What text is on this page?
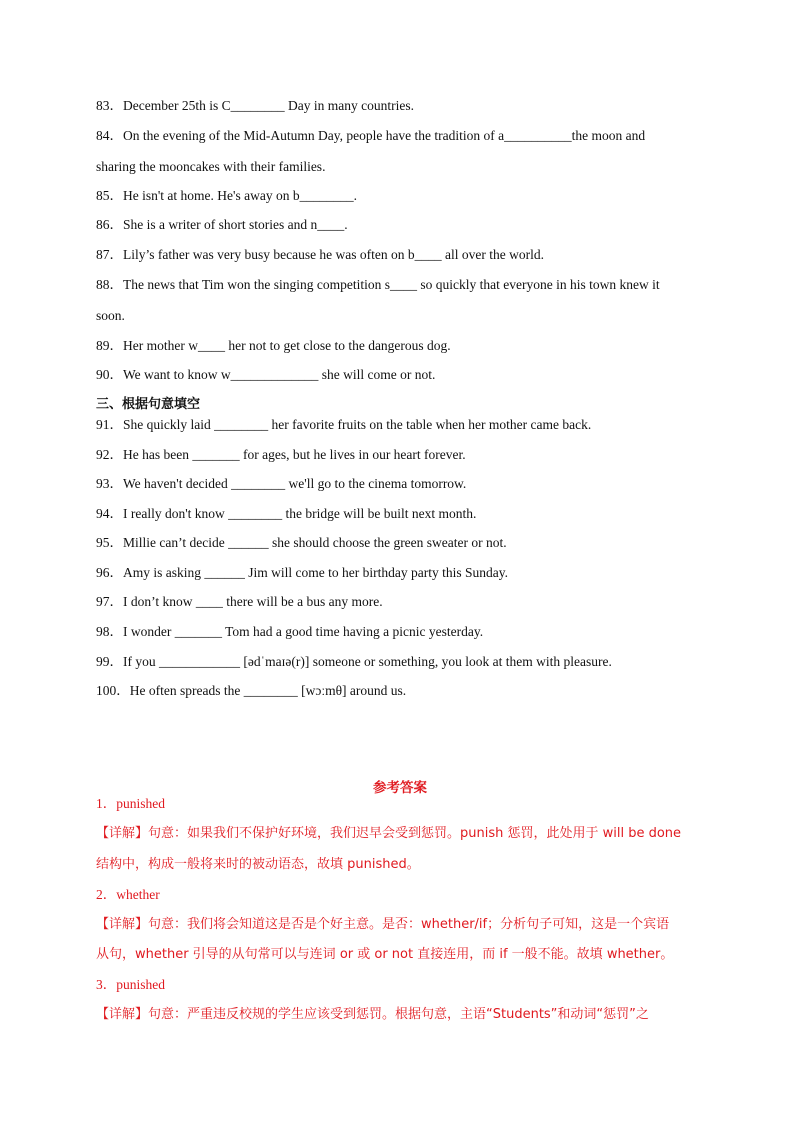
83．December 25th is C________ Day in many countries.
84．On the evening of the Mid-Autumn Day, people have the tradition of a__________the moon and
sharing the mooncakes with their families.
85．He isn't at home. He's away on b________.
86．She is a writer of short stories and n____.
87．Lily’s father was very busy because he was often on b____ all over the world.
88．The news that Tim won the singing competition s____ so quickly that everyone in his town knew it
soon.
89．Her mother w____ her not to get close to the dangerous dog.
90．We want to know w_____________ she will come or not.
三、根据句意填空
91．She quickly laid ________ her favorite fruits on the table when her mother came back.
92．He has been _______ for ages, but he lives in our heart forever.
93．We haven't decided ________ we'll go to the cinema tomorrow.
94．I really don't know ________ the bridge will be built next month.
95．Millie can’t decide ______ she should choose the green sweater or not.
96．Amy is asking ______ Jim will come to her birthday party this Sunday.
97．I don’t know ____ there will be a bus any more.
98．I wonder _______ Tom had a good time having a picnic yesterday.
99．If you ____________ [ədˈmaɪə(r)] someone or something, you look at them with pleasure.
100．He often spreads the ________ [wɔːmθ] around us.
参考答案
1．punished
【详解】句意：如果我们不保护好环境，我们迟早会受到惩罚。punish 惩罚，此处用于 will be done
结构中，构成一般将来时的被动语态，故填 punished。
2．whether
【详解】句意：我们将会知道这是否是个好主意。是否：whether/if；分析句子可知，这是一个宾语
从句，whether 引导的从句常可以与连词 or 或 or not 直接连用，而 if 一般不能。故填 whether。
3．punished
【详解】句意：严重违反校规的学生应该受到惩罚。根据句意，主语“Students”和动词“惩罚”之
